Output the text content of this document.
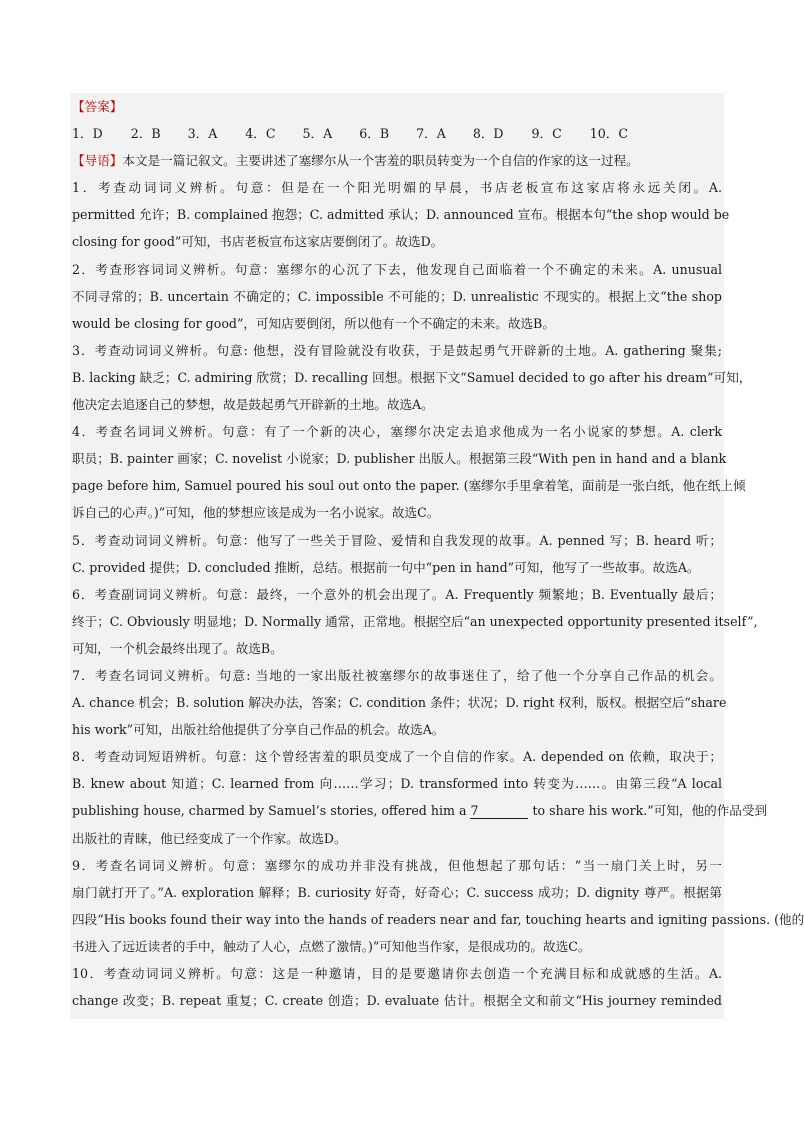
【答案】
1．D 2．B 3．A 4．C 5．A 6．B 7．A 8．D 9．C 10．C
【导语】本文是一篇记叙文。主要讲述了塞缪尔从一个害羞的职员转变为一个自信的作家的这一过程。
1．考查动词词义辨析。句意：但是在一个阳光明媚的早晨，书店老板宣布这家店将永远关闭。A.
permitted 允许；B. complained 抱怨；C. admitted 承认；D. announced 宣布。根据本句“the shop would be
closing for good”可知，书店老板宣布这家店要倒闭了。故选D。
2．考查形容词词义辨析。句意：塞缪尔的心沉了下去，他发现自己面临着一个不确定的未来。A. unusual
不同寻常的；B. uncertain 不确定的；C. impossible 不可能的；D. unrealistic 不现实的。根据上文“the shop
would be closing for good”，可知店要倒闭，所以他有一个不确定的未来。故选B。
3．考查动词词义辨析。句意: 他想，没有冒险就没有收获，于是鼓起勇气开辟新的土地。A. gathering 聚集;
B. lacking 缺乏；C. admiring 欣赏；D. recalling 回想。根据下文“Samuel decided to go after his dream”可知，
他决定去追逐自己的梦想，故是鼓起勇气开辟新的土地。故选A。
4．考查名词词义辨析。句意：有了一个新的决心，塞缪尔决定去追求他成为一名小说家的梦想。A. clerk
职员；B. painter 画家；C. novelist 小说家；D. publisher 出版人。根据第三段“With pen in hand and a blank
page before him, Samuel poured his soul out onto the paper. (塞缪尔手里拿着笔，面前是一张白纸，他在纸上倾
诉自己的心声。)”可知，他的梦想应该是成为一名小说家。故选C。
5．考查动词词义辨析。句意：他写了一些关于冒险、爱情和自我发现的故事。A. penned 写；B. heard 听；
C. provided 提供；D. concluded 推断，总结。根据前一句中“pen in hand”可知，他写了一些故事。故选A。
6．考查副词词义辨析。句意：最终，一个意外的机会出现了。A. Frequently 频繁地；B. Eventually 最后；
终于；C. Obviously 明显地；D. Normally 通常，正常地。根据空后“an unexpected opportunity presented itself”,
可知，一个机会最终出现了。故选B。
7．考查名词词义辨析。句意: 当地的一家出版社被塞缪尔的故事迷住了，给了他一个分享自己作品的机会。
A. chance 机会；B. solution 解决办法，答案；C. condition 条件；状况；D. right 权利，版权。根据空后“share
his work”可知，出版社给他提供了分享自己作品的机会。故选A。
8．考查动词短语辨析。句意：这个曾经害羞的职员变成了一个自信的作家。A. depended on 依赖，取决于；
B. knew about 知道；C. learned from 向……学习；D. transformed into 转变为……。由第三段“A local
publishing house, charmed by Samuel’s stories, offered him a 7	to share his work.”可知，他的作品受到
出版社的青睐，他已经变成了一个作家。故选D。
9．考查名词词义辨析。句意：塞缪尔的成功并非没有挑战，但他想起了那句话：“当一扇门关上时，另一
扇门就打开了。”A. exploration 解释；B. curiosity 好奇，好奇心；C. success 成功；D. dignity 尊严。根据第
四段“His books found their way into the hands of readers near and far, touching hearts and igniting passions. (他的
书进入了远近读者的手中，触动了人心，点燃了激情。)”可知他当作家，是很成功的。故选C。
10．考查动词词义辨析。句意：这是一种邀请，目的是要邀请你去创造一个充满目标和成就感的生活。A.
change 改变；B. repeat 重复；C. create 创造；D. evaluate 估计。根据全文和前文“His journey reminded
